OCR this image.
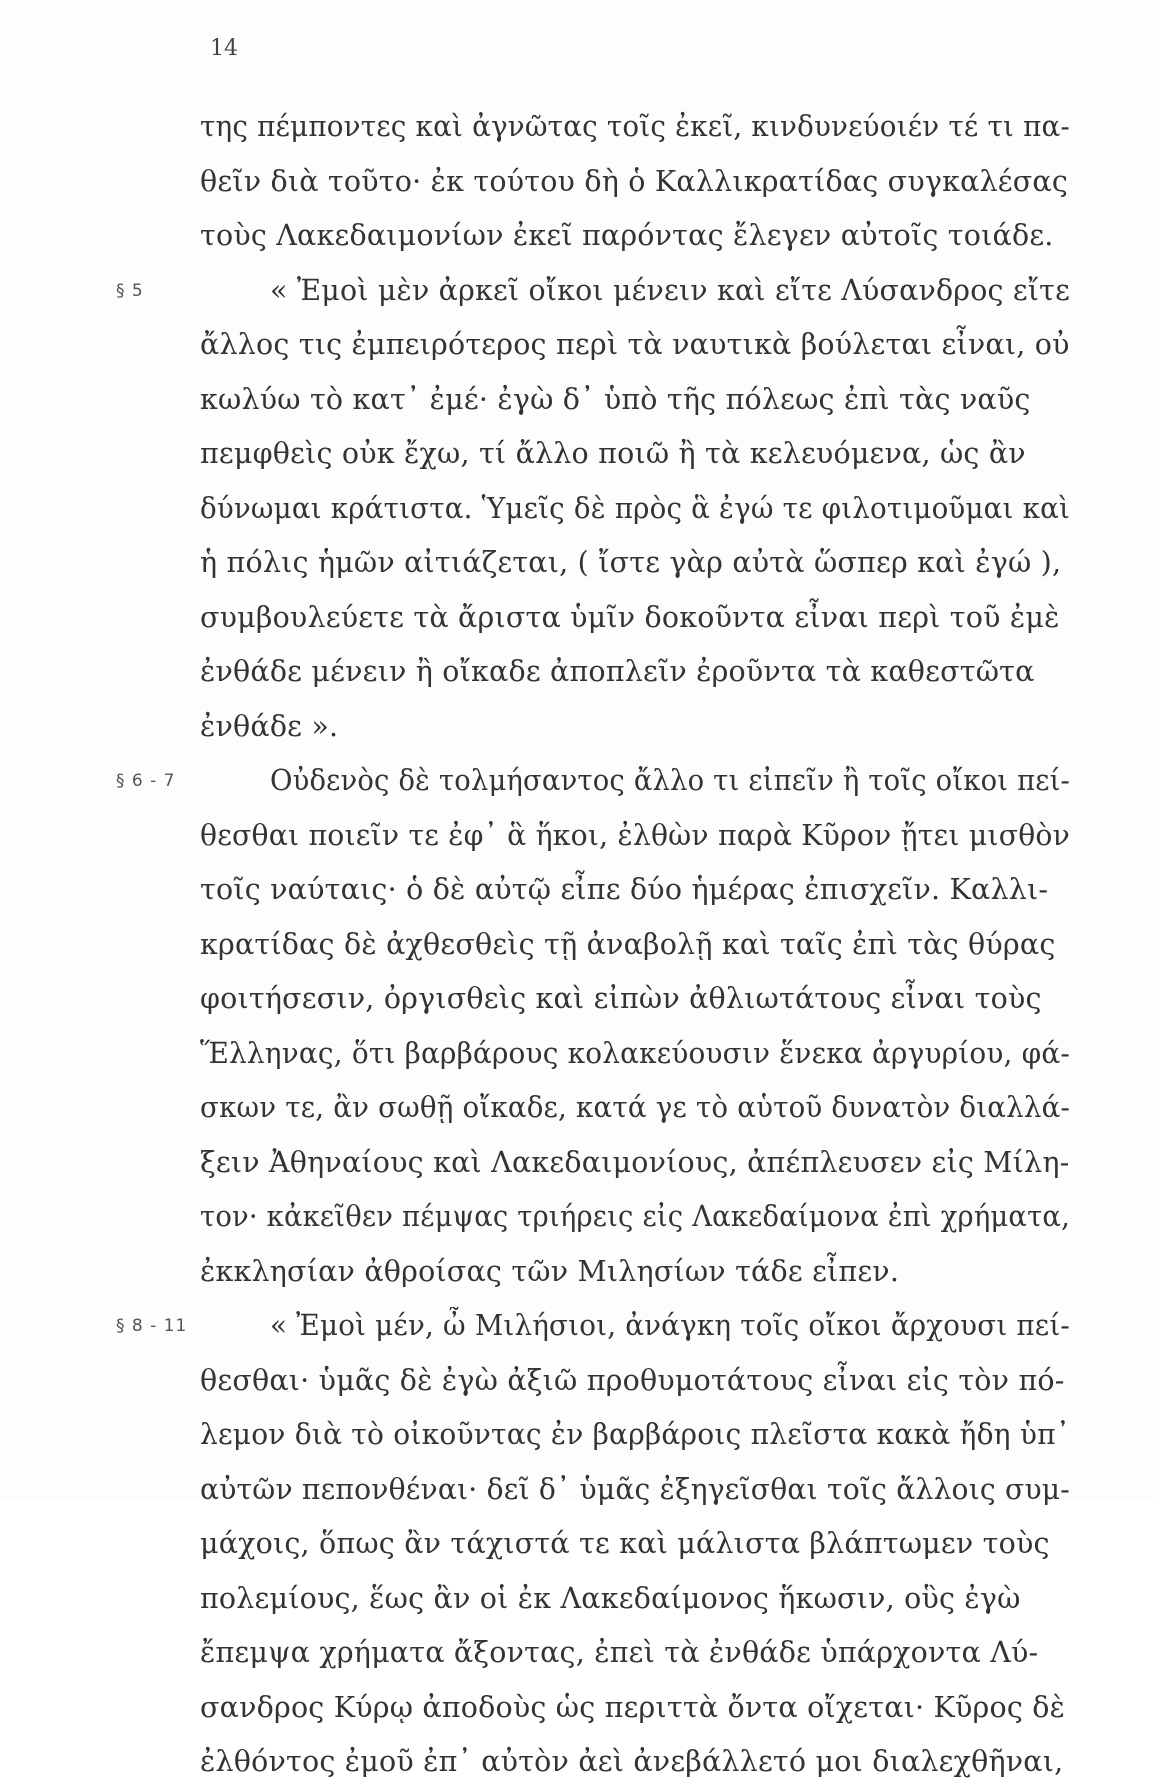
14
της πέμποντες καὶ ἀγνῶτας τοῖς ἐκεῖ, κινδυνεύοιέν τέ τι πα-
θεῖν διὰ τοῦτο· ἐκ τούτου δὴ ὁ Καλλικρατίδας συγκαλέσας
τοὺς Λακεδαιμονίων ἐκεῖ παρόντας ἔλεγεν αὐτοῖς τοιάδε.
§ 5	« Ἐμοὶ μὲν ἀρκεῖ οἴκοι μένειν καὶ εἴτε Λύσανδρος εἴτε
ἄλλος τις ἐμπειρότερος περὶ τὰ ναυτικὰ βούλεται εἶναι, οὐ
κωλύω τὸ κατ᾽ ἐμέ· ἐγὼ δ᾽ ὑπὸ τῆς πόλεως ἐπὶ τὰς ναῦς
πεμφθεὶς οὐκ ἔχω, τί ἄλλο ποιῶ ἢ τὰ κελευόμενα, ὡς ἂν
δύνωμαι κράτιστα. Ὑμεῖς δὲ πρὸς ἃ ἐγώ τε φιλοτιμοῦμαι καὶ
ἡ πόλις ἡμῶν αἰτιάζεται, ( ἴστε γὰρ αὐτὰ ὥσπερ καὶ ἐγώ ),
συμβουλεύετε τὰ ἄριστα ὑμῖν δοκοῦντα εἶναι περὶ τοῦ ἐμὲ
ἐνθάδε μένειν ἢ οἴκαδε ἀποπλεῖν ἐροῦντα τὰ καθεστῶτα
ἐνθάδε ».
§ 6 - 7	Οὐδενὸς δὲ τολμήσαντος ἄλλο τι εἰπεῖν ἢ τοῖς οἴκοι πεί-
θεσθαι ποιεῖν τε ἐφ᾽ ἃ ἥκοι, ἐλθὼν παρὰ Κῦρον ᾔτει μισθὸν
τοῖς ναύταις· ὁ δὲ αὐτῷ εἶπε δύο ἡμέρας ἐπισχεῖν. Καλλι-
κρατίδας δὲ ἀχθεσθεὶς τῇ ἀναβολῇ καὶ ταῖς ἐπὶ τὰς θύρας
φοιτήσεσιν, ὀργισθεὶς καὶ εἰπὼν ἀθλιωτάτους εἶναι τοὺς
Ἕλληνας, ὅτι βαρβάρους κολακεύουσιν ἕνεκα ἀργυρίου, φά-
σκων τε, ἂν σωθῇ οἴκαδε, κατά γε τὸ αὑτοῦ δυνατὸν διαλλά-
ξειν Ἀθηναίους καὶ Λακεδαιμονίους, ἀπέπλευσεν εἰς Μίλη-
τον· κἀκεῖθεν πέμψας τριήρεις εἰς Λακεδαίμονα ἐπὶ χρήματα,
ἐκκλησίαν ἀθροίσας τῶν Μιλησίων τάδε εἶπεν.
§ 8 - 11	« Ἐμοὶ μέν, ὦ Μιλήσιοι, ἀνάγκη τοῖς οἴκοι ἄρχουσι πεί-
θεσθαι· ὑμᾶς δὲ ἐγὼ ἀξιῶ προθυμοτάτους εἶναι εἰς τὸν πό-
λεμον διὰ τὸ οἰκοῦντας ἐν βαρβάροις πλεῖστα κακὰ ἤδη ὑπ᾽
αὐτῶν πεπονθέναι· δεῖ δ᾽ ὑμᾶς ἐξηγεῖσθαι τοῖς ἄλλοις συμ-
μάχοις, ὅπως ἂν τάχιστά τε καὶ μάλιστα βλάπτωμεν τοὺς
πολεμίους, ἕως ἂν οἱ ἐκ Λακεδαίμονος ἥκωσιν, οὓς ἐγὼ
ἔπεμψα χρήματα ἄξοντας, ἐπεὶ τὰ ἐνθάδε ὑπάρχοντα Λύ-
σανδρος Κύρῳ ἀποδοὺς ὡς περιττὰ ὄντα οἴχεται· Κῦρος δὲ
ἐλθόντος ἐμοῦ ἐπ᾽ αὐτὸν ἀεὶ ἀνεβάλλετό μοι διαλεχθῆναι,
